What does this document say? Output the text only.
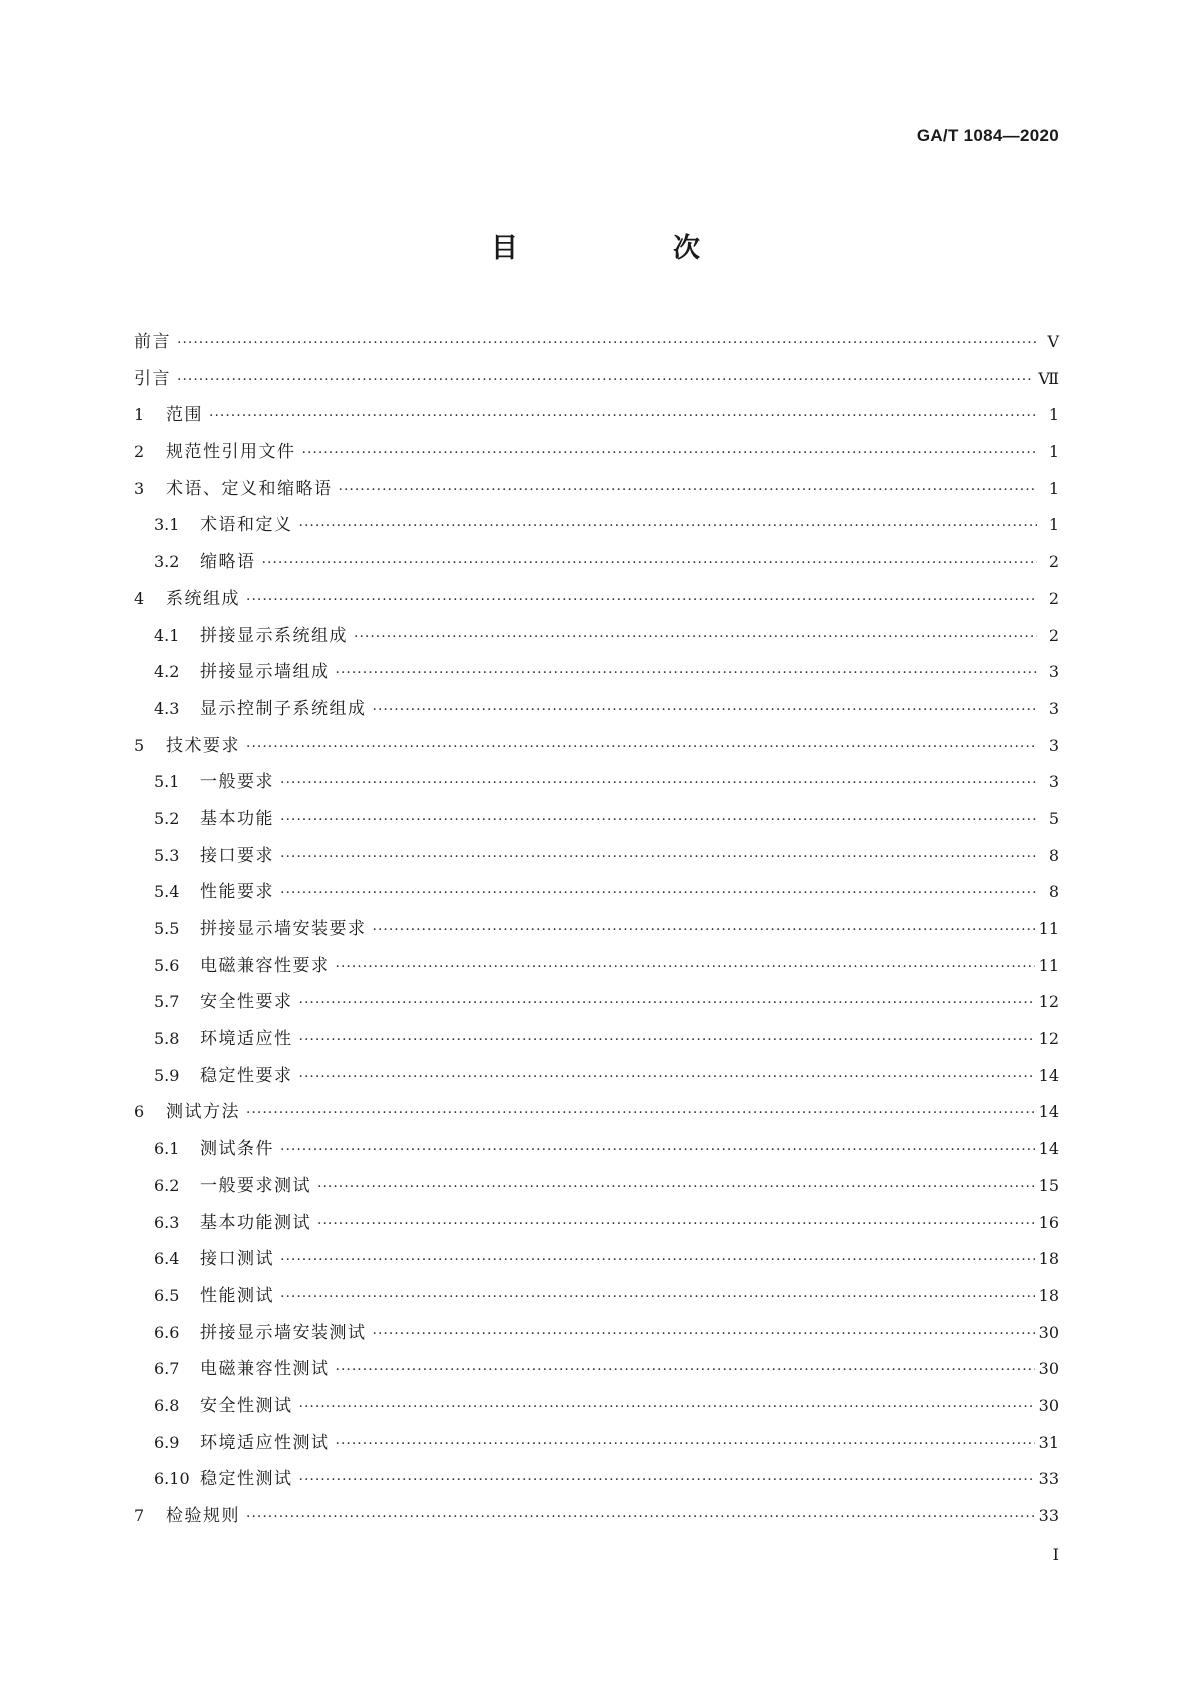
GA/T 1084—2020
目　次
前言 ·····	Ⅴ
引言 ·····	Ⅶ
1	范围 ·····	1
2	规范性引用文件 ·····	1
3	术语、定义和缩略语 ·····	1
3.1	术语和定义 ·····	1
3.2	缩略语 ·····	2
4	系统组成 ·····	2
4.1	拼接显示系统组成 ·····	2
4.2	拼接显示墙组成 ·····	3
4.3	显示控制子系统组成 ·····	3
5	技术要求 ·····	3
5.1	一般要求 ·····	3
5.2	基本功能 ·····	5
5.3	接口要求 ·····	8
5.4	性能要求 ·····	8
5.5	拼接显示墙安装要求 ·····	11
5.6	电磁兼容性要求 ·····	11
5.7	安全性要求 ·····	12
5.8	环境适应性 ·····	12
5.9	稳定性要求 ·····	14
6	测试方法 ·····	14
6.1	测试条件 ·····	14
6.2	一般要求测试 ·····	15
6.3	基本功能测试 ·····	16
6.4	接口测试 ·····	18
6.5	性能测试 ·····	18
6.6	拼接显示墙安装测试 ·····	30
6.7	电磁兼容性测试 ·····	30
6.8	安全性测试 ·····	30
6.9	环境适应性测试 ·····	31
6.10 稳定性测试 ·····	33
7	检验规则 ·····	33
I
